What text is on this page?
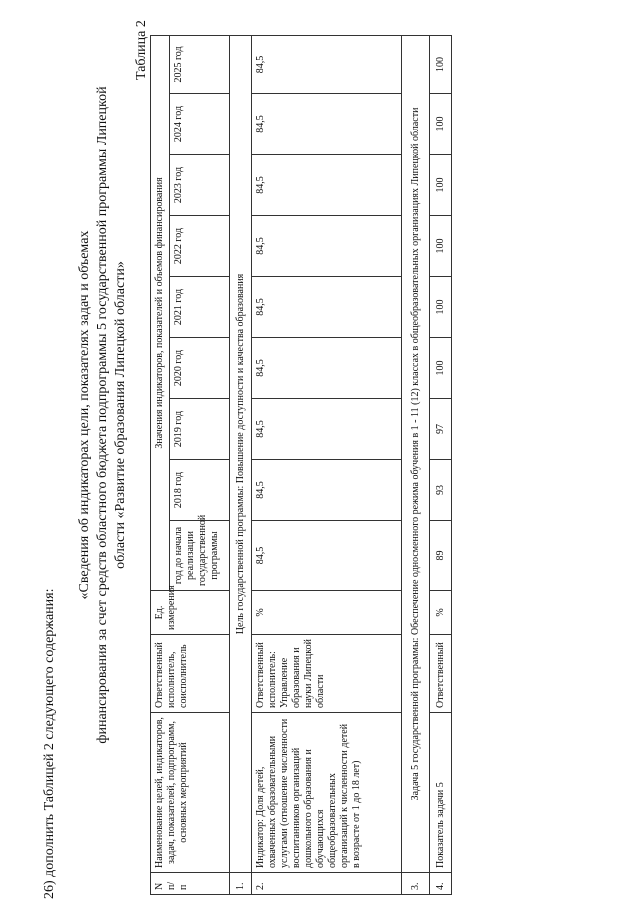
26) дополнить Таблицей 2 следующего содержания:
«Сведения об индикаторах цели, показателях задач и объемах финансирования за счет средств областного бюджета подпрограммы 5 государственной программы Липецкой области «Развитие образования Липецкой области»
Таблица 2
N п/п	Наименование целей, индикаторов, задач, показателей, подпрограмм, основных мероприятий	Ответственный исполнитель, соисполнитель	Ед. измерения	Значения индикаторов, показателей и объемов финансирования								
				год до начала реализации государственной программы	2018 год	2019 год	2020 год	2021 год	2022 год	2023 год	2024 год	2025 год
1.	Цель государственной программы: Повышение доступности и качества образования											
2.	Индикатор: Доля детей, охваченных образовательными услугами (отношение численности воспитанников организаций дошкольного образования и обучающихся общеобразовательных организаций к численности детей в возрасте от 1 до 18 лет)	Ответственный исполнитель: Управление образования и науки Липецкой области	%	84,5	84,5	84,5	84,5	84,5	84,5	84,5	84,5	84,5
3.	Задача 5 государственной программы: Обеспечение односменного режима обучения в 1 - 11 (12) классах в общеобразовательных организациях Липецкой области											
4.	Показатель задачи 5	Ответственный	%	89	93	97	100	100	100	100	100	100
